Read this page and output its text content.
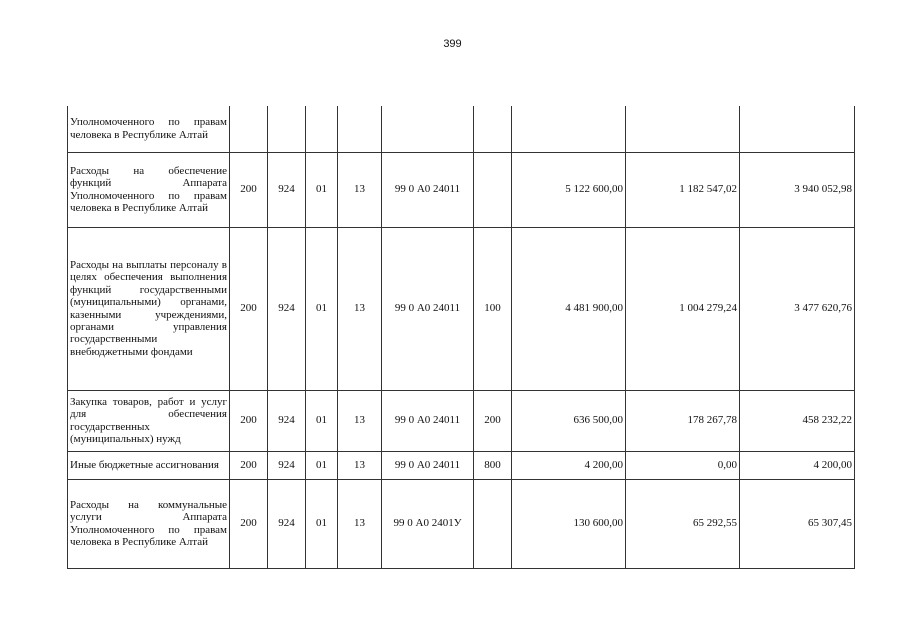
399
Уполномоченного по правам человека в Республике Алтай									
Расходы на обеспечение функций Аппарата Уполномоченного по правам человека в Республике Алтай	200	924	01	13	99 0 А0 24011		5 122 600,00	1 182 547,02	3 940 052,98
Расходы на выплаты персоналу в целях обеспечения выполнения функций государственными (муниципальными) органами, казенными учреждениями, органами управления государственными внебюджетными фондами	200	924	01	13	99 0 А0 24011	100	4 481 900,00	1 004 279,24	3 477 620,76
Закупка товаров, работ и услуг для обеспечения государственных (муниципальных) нужд	200	924	01	13	99 0 А0 24011	200	636 500,00	178 267,78	458 232,22
Иные бюджетные ассигнования	200	924	01	13	99 0 А0 24011	800	4 200,00	0,00	4 200,00
Расходы на коммунальные услуги Аппарата Уполномоченного по правам человека в Республике Алтай	200	924	01	13	99 0 А0 2401У		130 600,00	65 292,55	65 307,45
